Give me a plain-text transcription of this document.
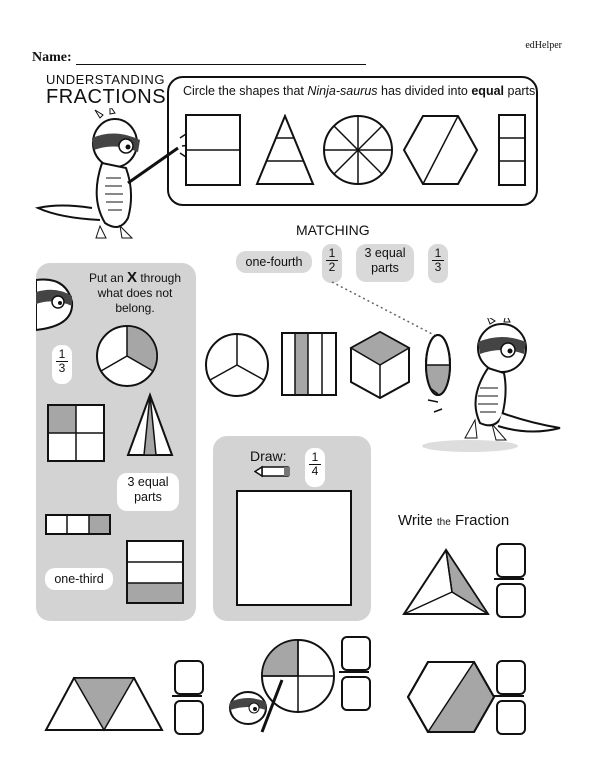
Name:
edHelper
UNDERSTANDING
FRACTIONS Circle the shapes that Ninja-saurus has divided into equal parts.
MATCHING
one-fourth	$\frac{1}{2}$	3 equal
parts	$\frac{1}{3}$
Put an X through
what does not
belong.
$\frac{1}{3}$
3 equal
parts
one-third
Draw: $\frac{1}{4}$
Write the Fraction
